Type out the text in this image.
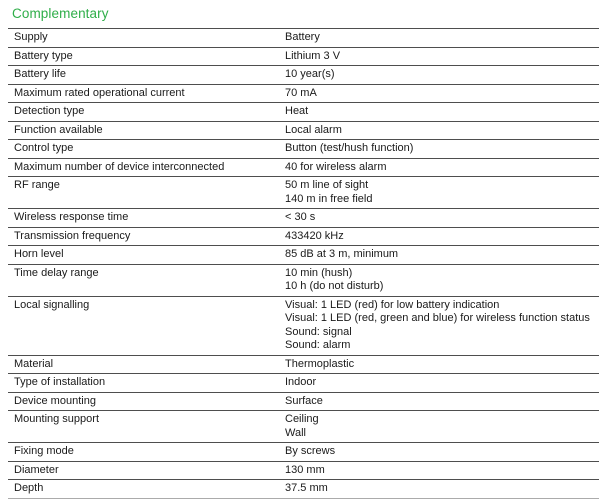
Complementary
Supply	Battery

Battery type	Lithium 3 V

Battery life	10 year(s)

Maximum rated operational current	70 mA

Detection type	Heat

Function available	Local alarm

Control type	Button (test/hush function)

Maximum number of device interconnected	40 for wireless alarm

RF range	50 m line of sight
140 m in free field

Wireless response time	< 30 s

Transmission frequency	433420 kHz

Horn level	85 dB at 3 m, minimum

Time delay range	10 min (hush)
10 h (do not disturb)

Local signalling	Visual: 1 LED (red) for low battery indication
Visual: 1 LED (red, green and blue) for wireless function status
Sound: signal
Sound: alarm

Material	Thermoplastic

Type of installation	Indoor

Device mounting	Surface

Mounting support	Ceiling
Wall

Fixing mode	By screws

Diameter	130 mm

Depth	37.5 mm
